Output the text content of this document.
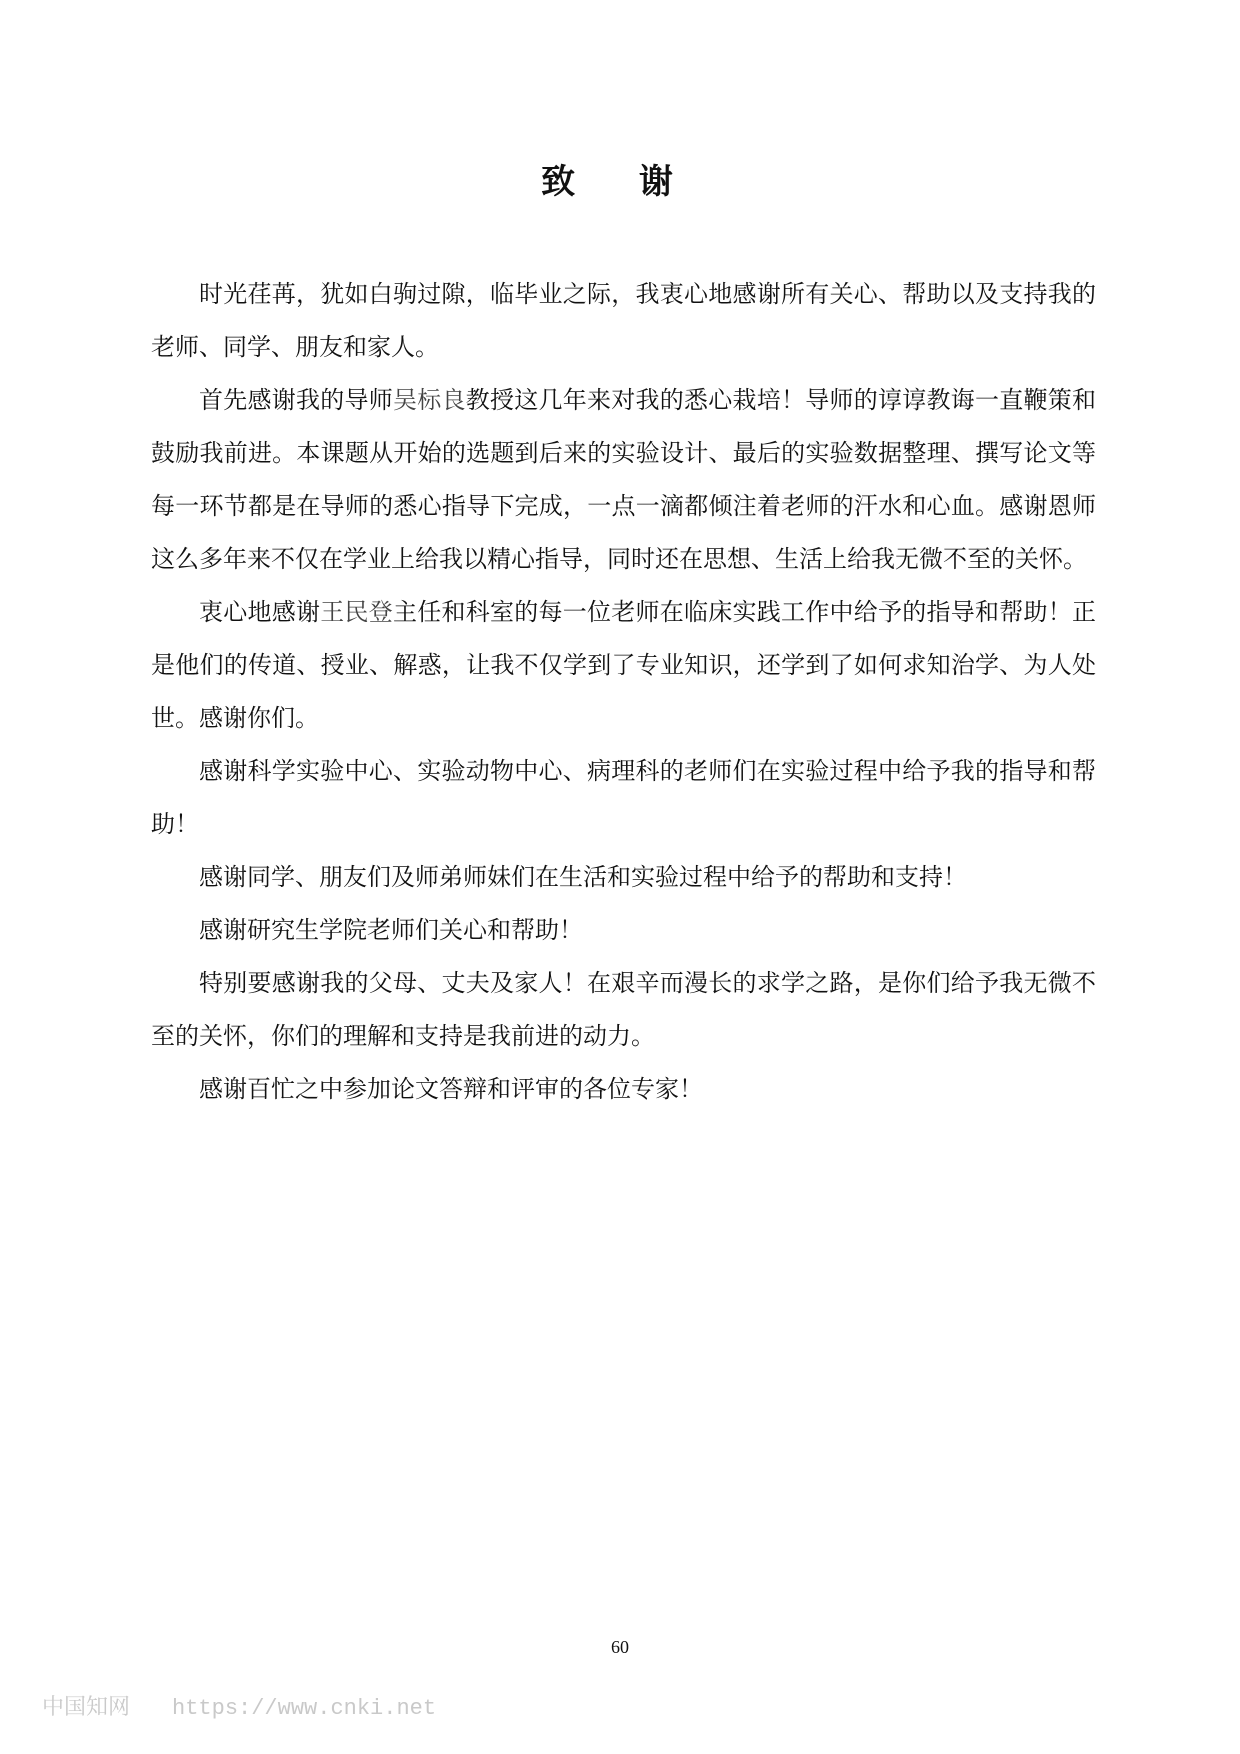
致 谢

时光荏苒，犹如白驹过隙，临毕业之际，我衷心地感谢所有关心、帮助以及支持我的老师、同学、朋友和家人。

首先感谢我的导师吴标良教授这几年来对我的悉心栽培！导师的谆谆教诲一直鞭策和鼓励我前进。本课题从开始的选题到后来的实验设计、最后的实验数据整理、撰写论文等每一环节都是在导师的悉心指导下完成，一点一滴都倾注着老师的汗水和心血。感谢恩师这么多年来不仅在学业上给我以精心指导，同时还在思想、生活上给我无微不至的关怀。

衷心地感谢王民登主任和科室的每一位老师在临床实践工作中给予的指导和帮助！正是他们的传道、授业、解惑，让我不仅学到了专业知识，还学到了如何求知治学、为人处世。感谢你们。

感谢科学实验中心、实验动物中心、病理科的老师们在实验过程中给予我的指导和帮助！

感谢同学、朋友们及师弟师妹们在生活和实验过程中给予的帮助和支持！

感谢研究生学院老师们关心和帮助！

特别要感谢我的父母、丈夫及家人！在艰辛而漫长的求学之路，是你们给予我无微不至的关怀，你们的理解和支持是我前进的动力。

感谢百忙之中参加论文答辩和评审的各位专家！

60
中国知网 https://www.cnki.net
